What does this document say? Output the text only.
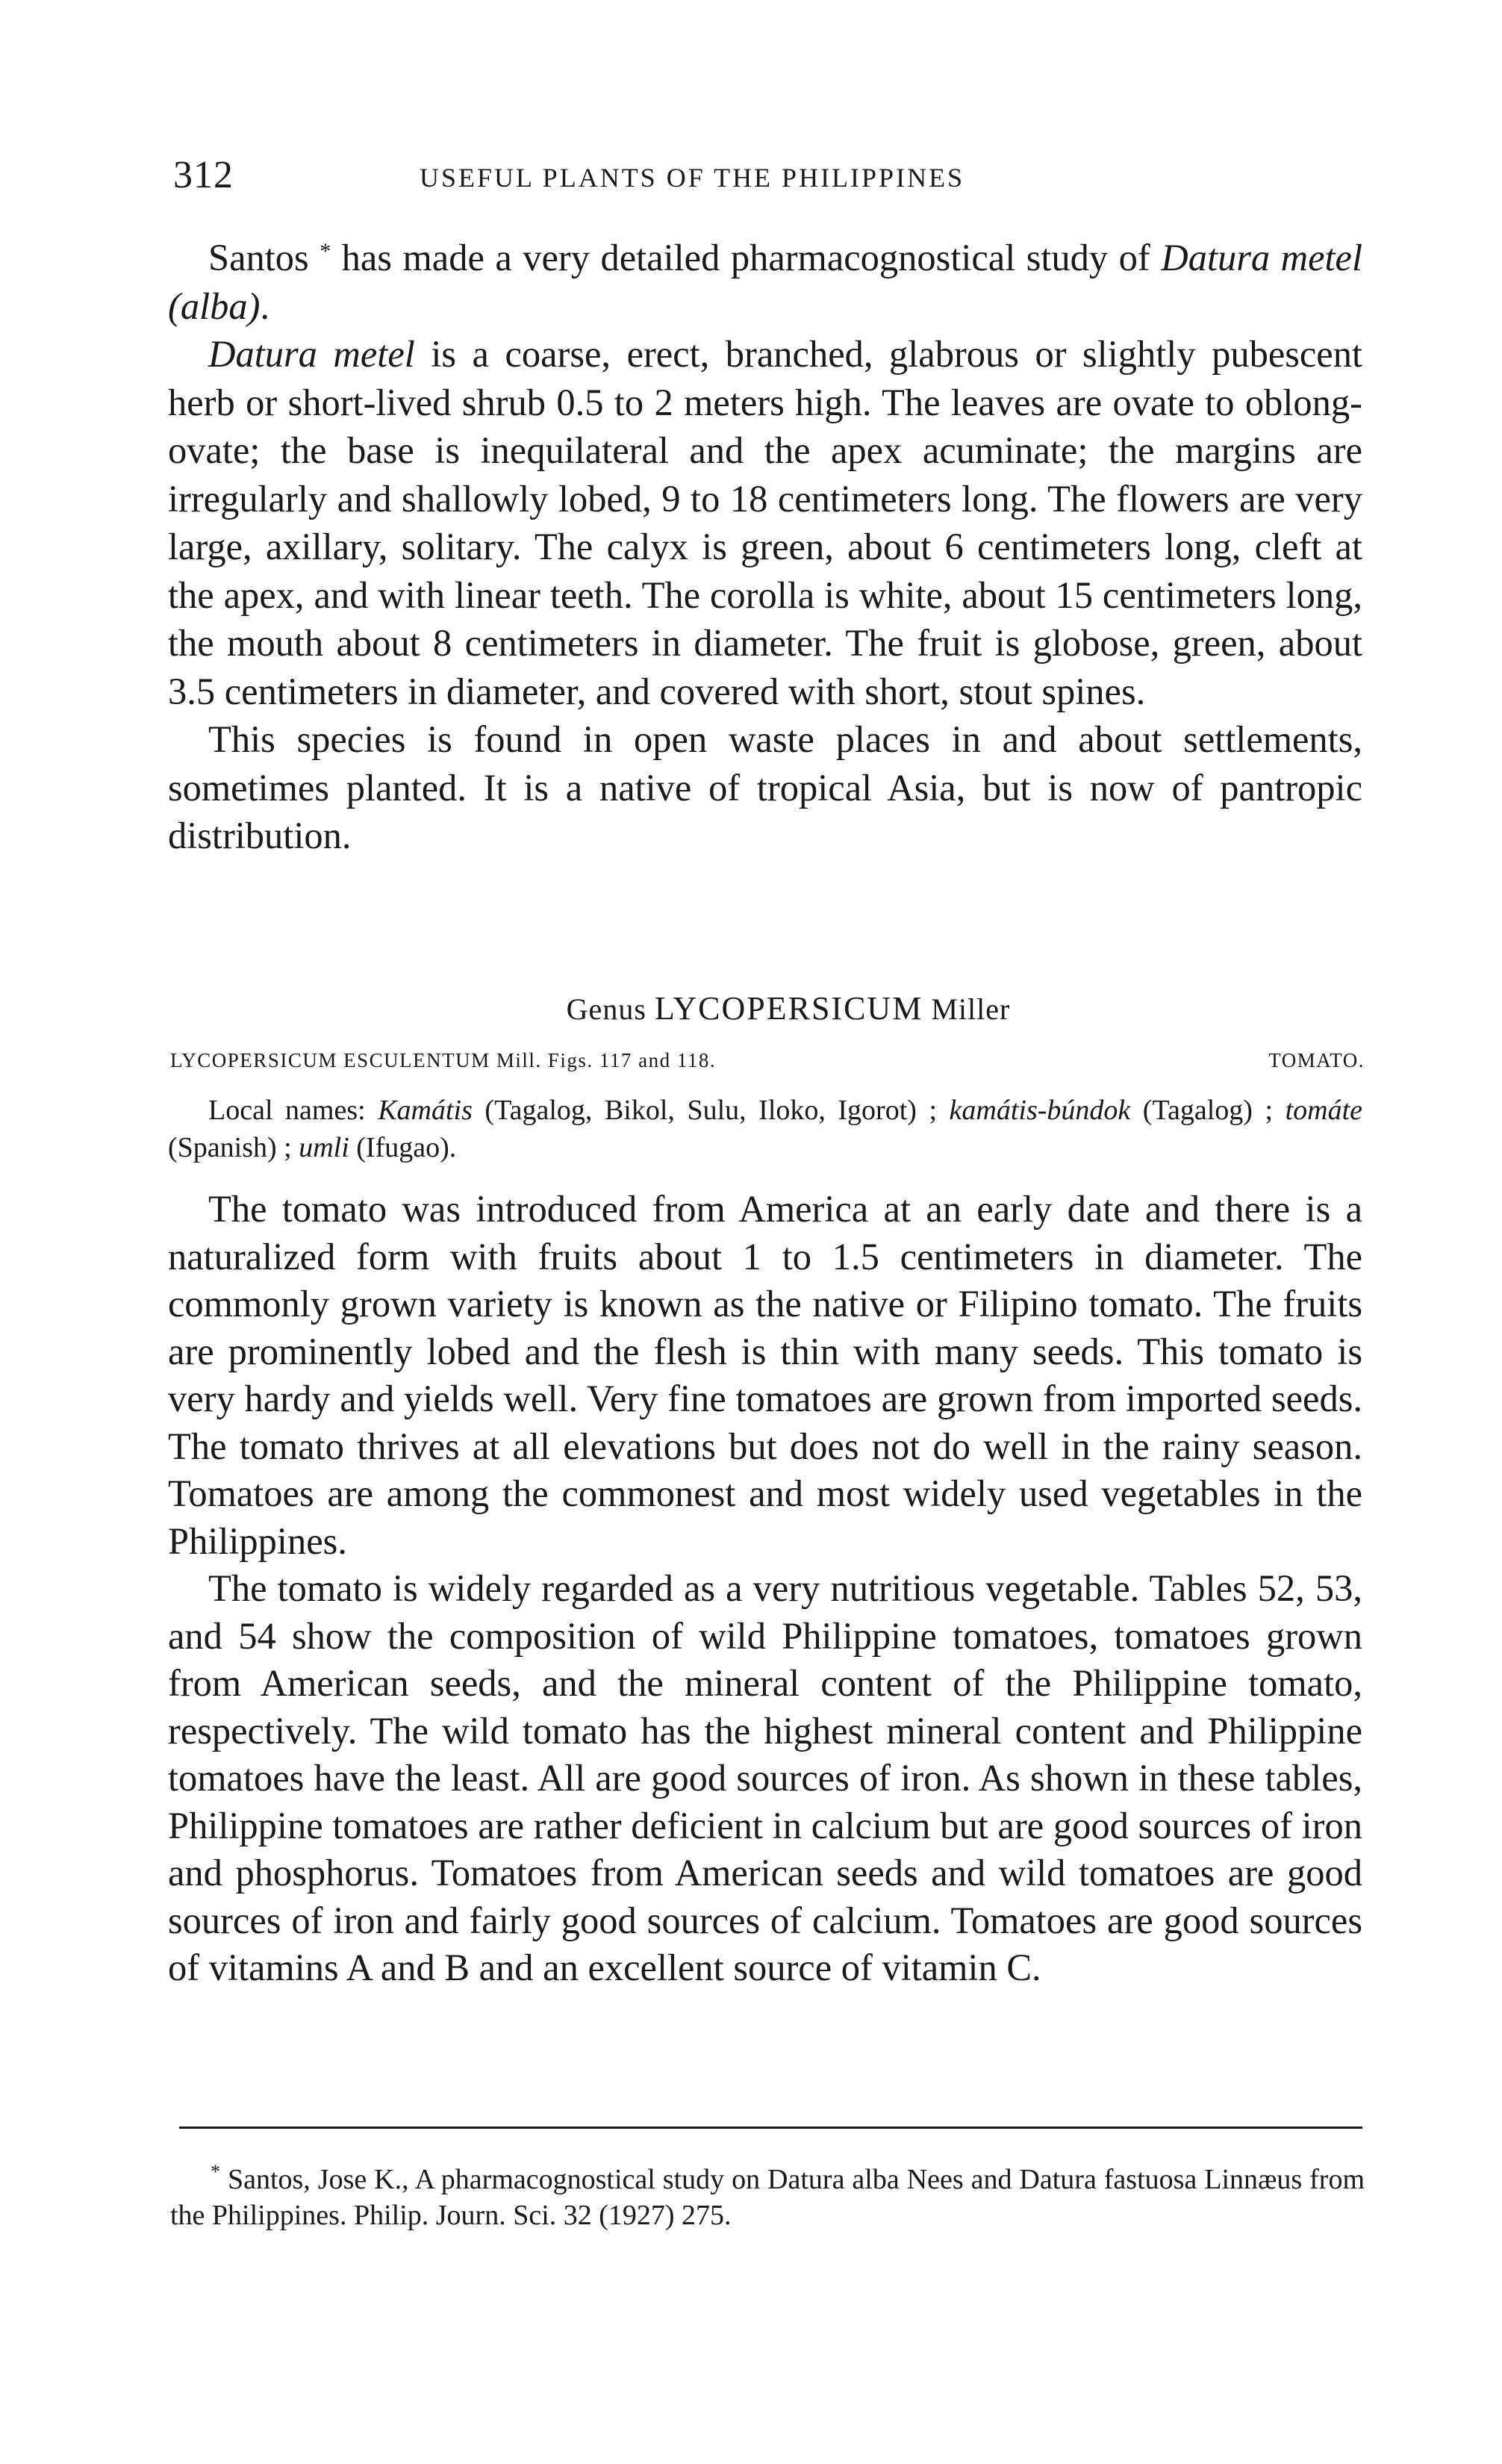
312	USEFUL PLANTS OF THE PHILIPPINES

Santos * has made a very detailed pharmacognostical study of Datura metel (alba).

Datura metel is a coarse, erect, branched, glabrous or slightly pubescent herb or short-lived shrub 0.5 to 2 meters high. The leaves are ovate to oblong-ovate; the base is inequilateral and the apex acuminate; the margins are irregularly and shallowly lobed, 9 to 18 centimeters long. The flowers are very large, axillary, solitary. The calyx is green, about 6 centimeters long, cleft at the apex, and with linear teeth. The corolla is white, about 15 centimeters long, the mouth about 8 centimeters in diameter. The fruit is globose, green, about 3.5 centimeters in diameter, and covered with short, stout spines.

This species is found in open waste places in and about settlements, sometimes planted. It is a native of tropical Asia, but is now of pantropic distribution.

Genus LYCOPERSICUM Miller
LYCOPERSICUM ESCULENTUM Mill. Figs. 117 and 118.	TOMATO.

Local names: Kamátis (Tagalog, Bikol, Sulu, Iloko, Igorot) ; kamátis-búndok (Tagalog) ; tomáte (Spanish) ; umli (Ifugao).

The tomato was introduced from America at an early date and there is a naturalized form with fruits about 1 to 1.5 centimeters in diameter. The commonly grown variety is known as the native or Filipino tomato. The fruits are prominently lobed and the flesh is thin with many seeds. This tomato is very hardy and yields well. Very fine tomatoes are grown from imported seeds. The tomato thrives at all elevations but does not do well in the rainy season. Tomatoes are among the commonest and most widely used vegetables in the Philippines.

The tomato is widely regarded as a very nutritious vegetable. Tables 52, 53, and 54 show the composition of wild Philippine tomatoes, tomatoes grown from American seeds, and the mineral content of the Philippine tomato, respectively. The wild tomato has the highest mineral content and Philippine tomatoes have the least. All are good sources of iron. As shown in these tables, Philippine tomatoes are rather deficient in calcium but are good sources of iron and phosphorus. Tomatoes from American seeds and wild tomatoes are good sources of iron and fairly good sources of calcium. Tomatoes are good sources of vitamins A and B and an excellent source of vitamin C.

* Santos, Jose K., A pharmacognostical study on Datura alba Nees and Datura fastuosa Linnæus from the Philippines. Philip. Journ. Sci. 32 (1927) 275.
